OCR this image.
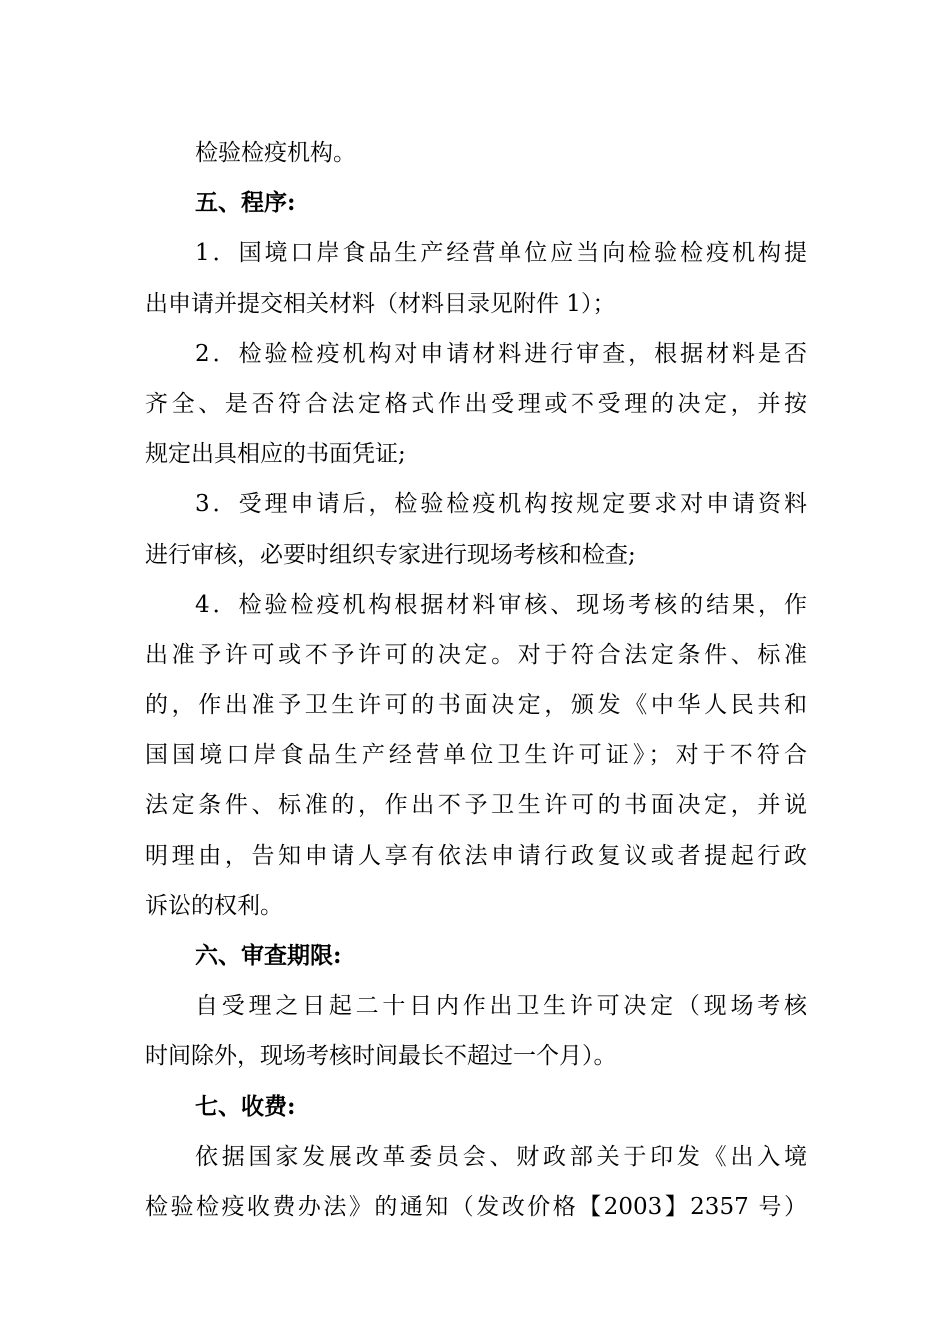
检验检疫机构。
五、程序:
1．国境口岸食品生产经营单位应当向检验检疫机构提
出申请并提交相关材料（材料目录见附件 1）；
2．检验检疫机构对申请材料进行审查，根据材料是否
齐全、是否符合法定格式作出受理或不受理的决定，并按
规定出具相应的书面凭证;
3．受理申请后，检验检疫机构按规定要求对申请资料
进行审核，必要时组织专家进行现场考核和检查;
4．检验检疫机构根据材料审核、现场考核的结果，作
出准予许可或不予许可的决定。对于符合法定条件、标准
的，作出准予卫生许可的书面决定，颁发《中华人民共和
国国境口岸食品生产经营单位卫生许可证》；对于不符合
法定条件、标准的，作出不予卫生许可的书面决定，并说
明理由，告知申请人享有依法申请行政复议或者提起行政
诉讼的权利。
六、审查期限:
自受理之日起二十日内作出卫生许可决定（现场考核
时间除外，现场考核时间最长不超过一个月）。
七、收费:
依据国家发展改革委员会、财政部关于印发《出入境
检验检疫收费办法》的通知（发改价格【2003】2357 号）
